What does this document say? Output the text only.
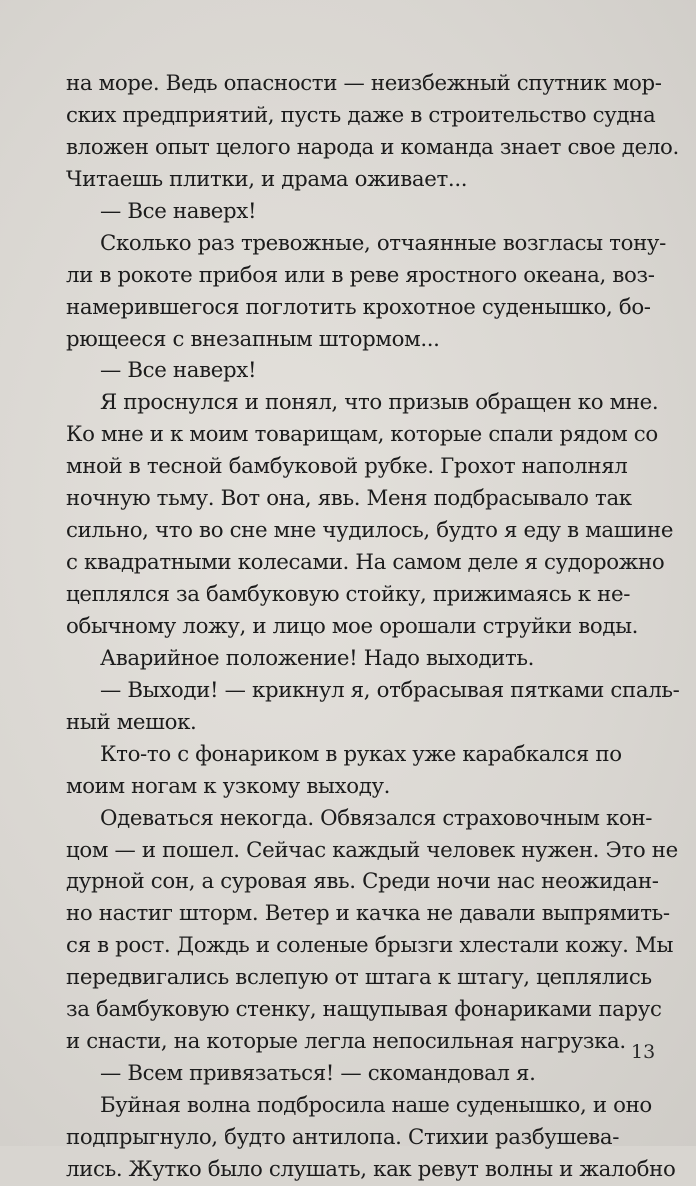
на море. Ведь опасности — неизбежный спутник мор-
ских предприятий, пусть даже в строительство судна
вложен опыт целого народа и команда знает свое дело.
Читаешь плитки, и драма оживает...
— Все наверх!
Сколько раз тревожные, отчаянные возгласы тону-
ли в рокоте прибоя или в реве яростного океана, воз-
намерившегося поглотить крохотное суденышко, бо-
рющееся с внезапным штормом...
— Все наверх!
Я проснулся и понял, что призыв обращен ко мне.
Ко мне и к моим товарищам, которые спали рядом со
мной в тесной бамбуковой рубке. Грохот наполнял
ночную тьму. Вот она, явь. Меня подбрасывало так
сильно, что во сне мне чудилось, будто я еду в машине
с квадратными колесами. На самом деле я судорожно
цеплялся за бамбуковую стойку, прижимаясь к не-
обычному ложу, и лицо мое орошали струйки воды.
Аварийное положение! Надо выходить.
— Выходи! — крикнул я, отбрасывая пятками спаль-
ный мешок.
Кто-то с фонариком в руках уже карабкался по
моим ногам к узкому выходу.
Одеваться некогда. Обвязался страховочным кон-
цом — и пошел. Сейчас каждый человек нужен. Это не
дурной сон, а суровая явь. Среди ночи нас неожидан-
но настиг шторм. Ветер и качка не давали выпрямить-
ся в рост. Дождь и соленые брызги хлестали кожу. Мы
передвигались вслепую от штага к штагу, цеплялись
за бамбуковую стенку, нащупывая фонариками парус
и снасти, на которые легла непосильная нагрузка.
— Всем привязаться! — скомандовал я.
Буйная волна подбросила наше суденышко, и оно
подпрыгнуло, будто антилопа. Стихии разбушева-
лись. Жутко было слушать, как ревут волны и жалобно
13
